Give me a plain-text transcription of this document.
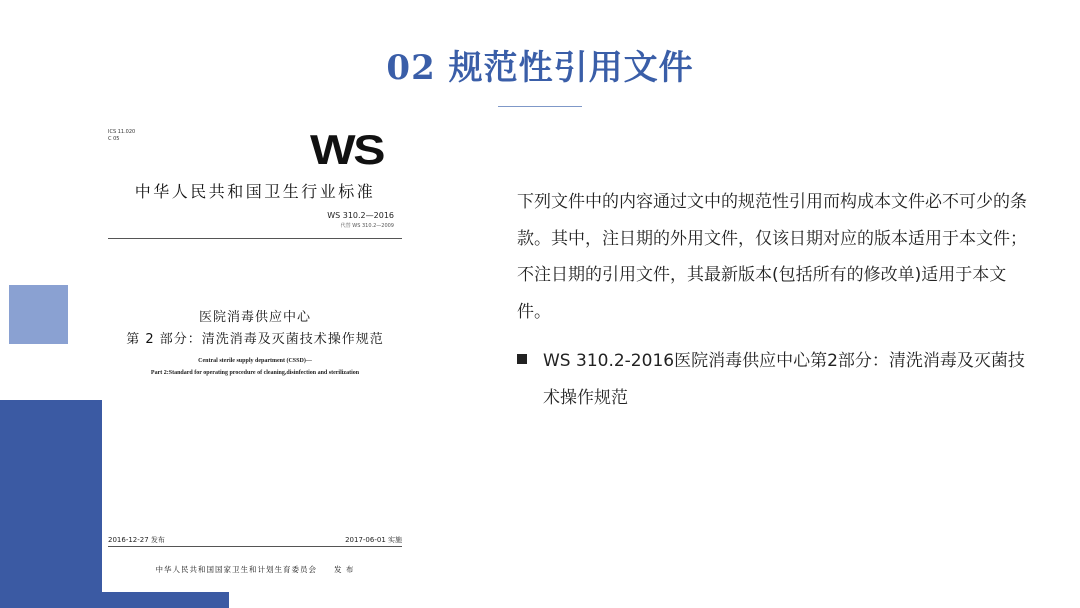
02 规范性引用文件
ICS 11.020
C 05	WS
中华人民共和国卫生行业标准
WS 310.2—2016
代替 WS 310.2—2009
医院消毒供应中心
第 2 部分：清洗消毒及灭菌技术操作规范
Central sterile supply department (CSSD)—
Part 2:Standard for operating procedure of cleaning,disinfection and sterilization
2016-12-27 发布	2017-06-01 实施
中华人民共和国国家卫生和计划生育委员会　　发 布
下列文件中的内容通过文中的规范性引用而构成本文件必不可少的条款。其中，注日期的外用文件，仅该日期对应的版本适用于本文件；不注日期的引用文件，其最新版本(包括所有的修改单)适用于本文件。
WS 310.2-2016医院消毒供应中心第2部分：清洗消毒及灭菌技术操作规范
